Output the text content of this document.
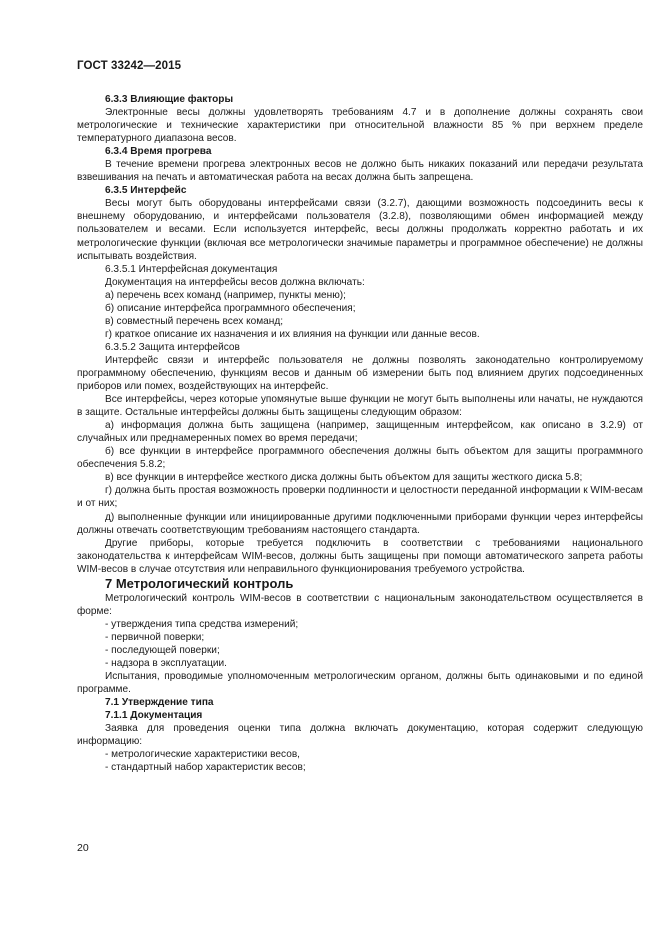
ГОСТ 33242—2015

6.3.3 Влияющие факторы

Электронные весы должны удовлетворять требованиям 4.7 и в дополнение должны сохранять свои метрологические и технические характеристики при относительной влажности 85 % при верхнем пределе температурного диапазона весов.

6.3.4 Время прогрева

В течение времени прогрева электронных весов не должно быть никаких показаний или передачи результата взвешивания на печать и автоматическая работа на весах должна быть запрещена.

6.3.5 Интерфейс

Весы могут быть оборудованы интерфейсами связи (3.2.7), дающими возможность подсоединить весы к внешнему оборудованию, и интерфейсами пользователя (3.2.8), позволяющими обмен информацией между пользователем и весами. Если используется интерфейс, весы должны продолжать корректно работать и их метрологические функции (включая все метрологически значимые параметры и программное обеспечение) не должны испытывать воздействия.

6.3.5.1 Интерфейсная документация

Документация на интерфейсы весов должна включать:

а) перечень всех команд (например, пункты меню);

б) описание интерфейса программного обеспечения;

в) совместный перечень всех команд;

г) краткое описание их назначения и их влияния на функции или данные весов.

6.3.5.2 Защита интерфейсов

Интерфейс связи и интерфейс пользователя не должны позволять законодательно контролируемому программному обеспечению, функциям весов и данным об измерении быть под влиянием других подсоединенных приборов или помех, воздействующих на интерфейс.

Все интерфейсы, через которые упомянутые выше функции не могут быть выполнены или начаты, не нуждаются в защите. Остальные интерфейсы должны быть защищены следующим образом:

а) информация должна быть защищена (например, защищенным интерфейсом, как описано в 3.2.9) от случайных или преднамеренных помех во время передачи;

б) все функции в интерфейсе программного обеспечения должны быть объектом для защиты программного обеспечения 5.8.2;

в) все функции в интерфейсе жесткого диска должны быть объектом для защиты жесткого диска 5.8;

г) должна быть простая возможность проверки подлинности и целостности переданной информации к WIM-весам и от них;

д) выполненные функции или инициированные другими подключенными приборами функции через интерфейсы должны отвечать соответствующим требованиям настоящего стандарта.

Другие приборы, которые требуется подключить в соответствии с требованиями национального законодательства к интерфейсам WIM-весов, должны быть защищены при помощи автоматического запрета работы WIM-весов в случае отсутствия или неправильного функционирования требуемого устройства.

7 Метрологический контроль

Метрологический контроль WIM-весов в соответствии с национальным законодательством осуществляется в форме:

- утверждения типа средства измерений;

- первичной поверки;

- последующей поверки;

- надзора в эксплуатации.

Испытания, проводимые уполномоченным метрологическим органом, должны быть одинаковыми и по единой программе.

7.1 Утверждение типа

7.1.1 Документация

Заявка для проведения оценки типа должна включать документацию, которая содержит следующую информацию:

- метрологические характеристики весов,

- стандартный набор характеристик весов;

20
